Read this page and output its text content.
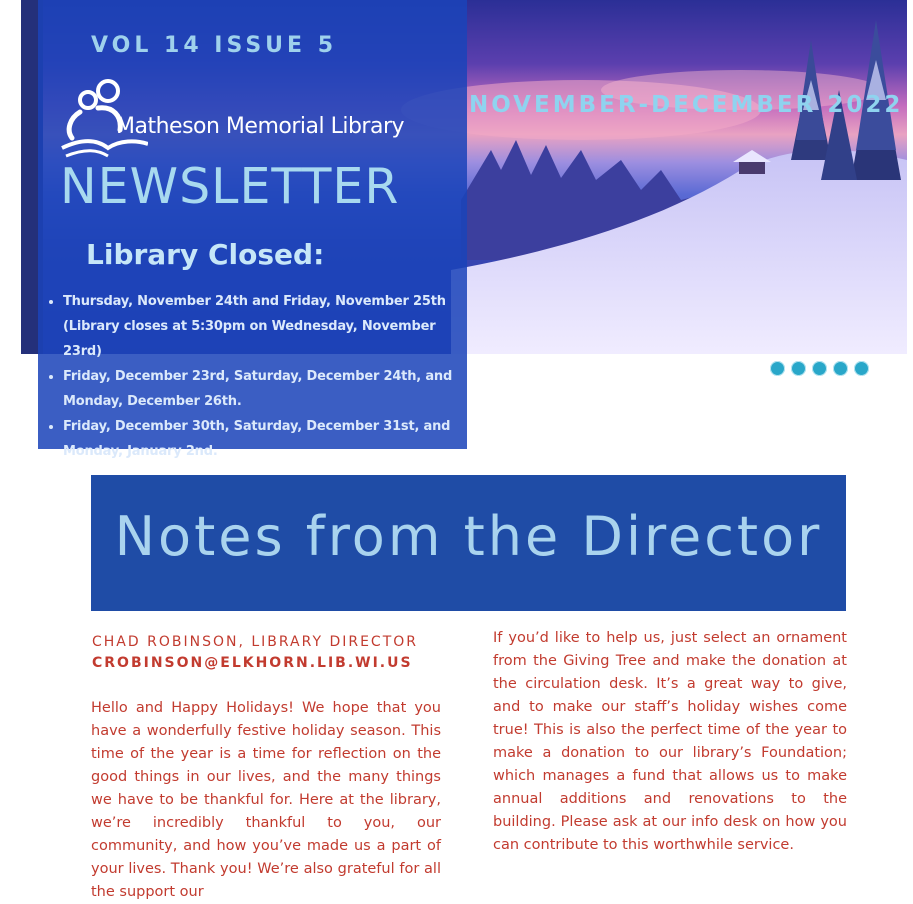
VOL 14 ISSUE 5
Matheson Memorial Library
NEWSLETTER
Library Closed:
• Thursday, November 24th and Friday, November 25th (Library closes at 5:30pm on Wednesday, November 23rd)
• Friday, December 23rd, Saturday, December 24th, and Monday, December 26th.
• Friday, December 30th, Saturday, December 31st, and Monday, January 2nd.
NOVEMBER-DECEMBER 2022
Notes from the Director
CHAD ROBINSON, LIBRARY DIRECTOR
CROBINSON@ELKHORN.LIB.WI.US

Hello and Happy Holidays! We hope that you have a wonderfully festive holiday season. This time of the year is a time for reflection on the good things in our lives, and the many things we have to be thankful for. Here at the library, we’re incredibly thankful to you, our community, and how you’ve made us a part of your lives. Thank you! We’re also grateful for all the support our

If you’d like to help us, just select an ornament from the Giving Tree and make the donation at the circulation desk. It’s a great way to give, and to make our staff’s holiday wishes come true! This is also the perfect time of the year to make a donation to our library’s Foundation; which manages a fund that allows us to make annual additions and renovations to the building. Please ask at our info desk on how you can contribute to this worthwhile service.
